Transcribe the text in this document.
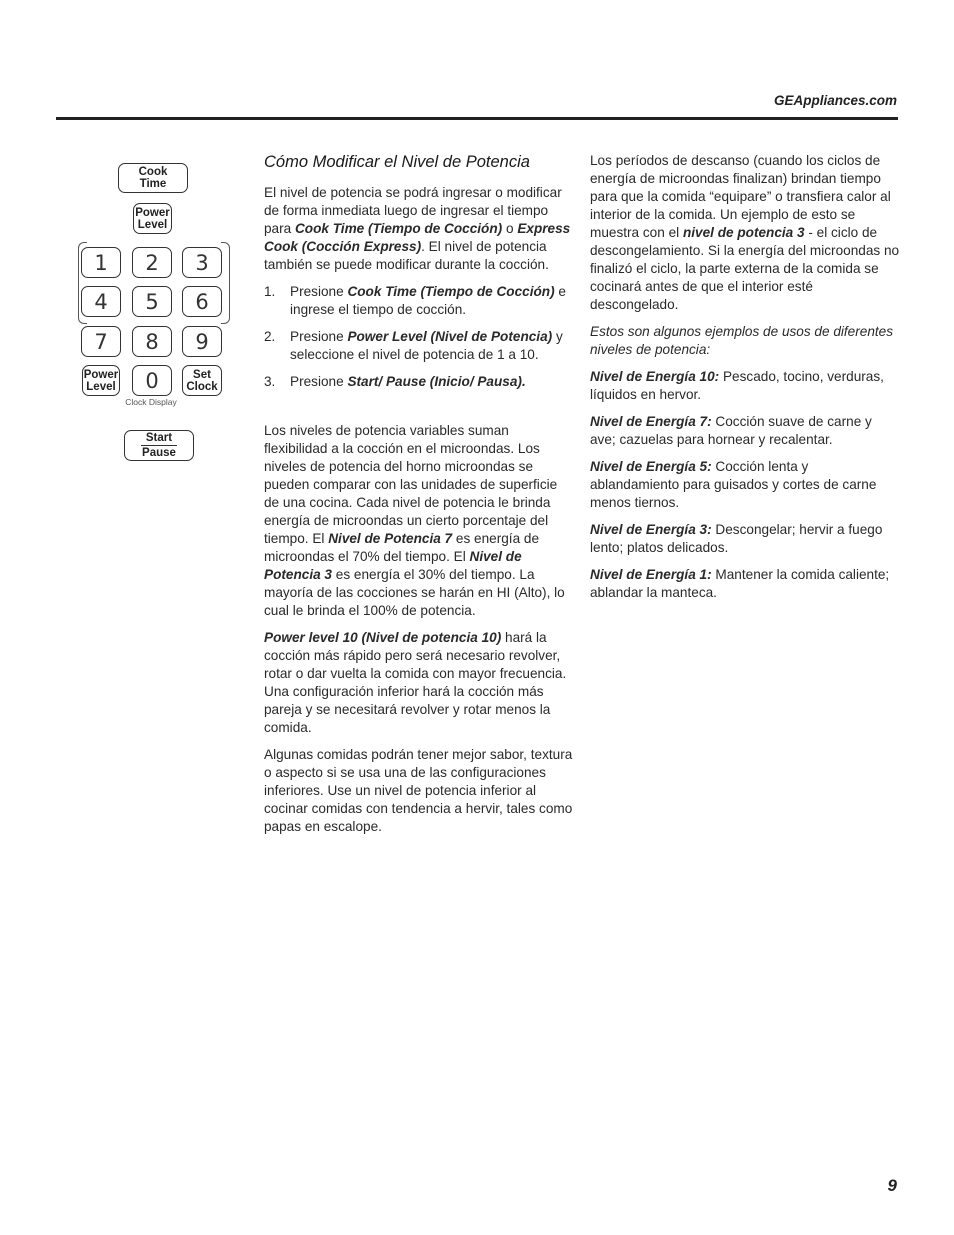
GEAppliances.com
Cook
Time
Power
Level
1	2	3
4	5	6
7	8	9
Power
Level	0	Set
Clock
Clock Display
Start
Pause
Cómo Modificar el Nivel de Potencia

El nivel de potencia se podrá ingresar o modificar de forma inmediata luego de ingresar el tiempo para Cook Time (Tiempo de Cocción) o Express Cook (Cocción Express). El nivel de potencia también se puede modificar durante la cocción.

1. Presione Cook Time (Tiempo de Cocción) e ingrese el tiempo de cocción.
2. Presione Power Level (Nivel de Potencia) y seleccione el nivel de potencia de 1 a 10.
3. Presione Start/ Pause (Inicio/ Pausa).

Los niveles de potencia variables suman flexibilidad a la cocción en el microondas. Los niveles de potencia del horno microondas se pueden comparar con las unidades de superficie de una cocina. Cada nivel de potencia le brinda energía de microondas un cierto porcentaje del tiempo. El Nivel de Potencia 7 es energía de microondas el 70% del tiempo. El Nivel de Potencia 3 es energía el 30% del tiempo. La mayoría de las cocciones se harán en HI (Alto), lo cual le brinda el 100% de potencia.

Power level 10 (Nivel de potencia 10) hará la cocción más rápido pero será necesario revolver, rotar o dar vuelta la comida con mayor frecuencia. Una configuración inferior hará la cocción más pareja y se necesitará revolver y rotar menos la comida.

Algunas comidas podrán tener mejor sabor, textura o aspecto si se usa una de las configuraciones inferiores. Use un nivel de potencia inferior al cocinar comidas con tendencia a hervir, tales como papas en escalope.

Los períodos de descanso (cuando los ciclos de energía de microondas finalizan) brindan tiempo para que la comida “equipare” o transfiera calor al interior de la comida. Un ejemplo de esto se muestra con el nivel de potencia 3 - el ciclo de descongelamiento. Si la energía del microondas no finalizó el ciclo, la parte externa de la comida se cocinará antes de que el interior esté descongelado.

Estos son algunos ejemplos de usos de diferentes niveles de potencia:

Nivel de Energía 10: Pescado, tocino, verduras, líquidos en hervor.

Nivel de Energía 7: Cocción suave de carne y ave; cazuelas para hornear y recalentar.

Nivel de Energía 5: Cocción lenta y ablandamiento para guisados y cortes de carne menos tiernos.

Nivel de Energía 3: Descongelar; hervir a fuego lento; platos delicados.

Nivel de Energía 1: Mantener la comida caliente; ablandar la manteca.

9
